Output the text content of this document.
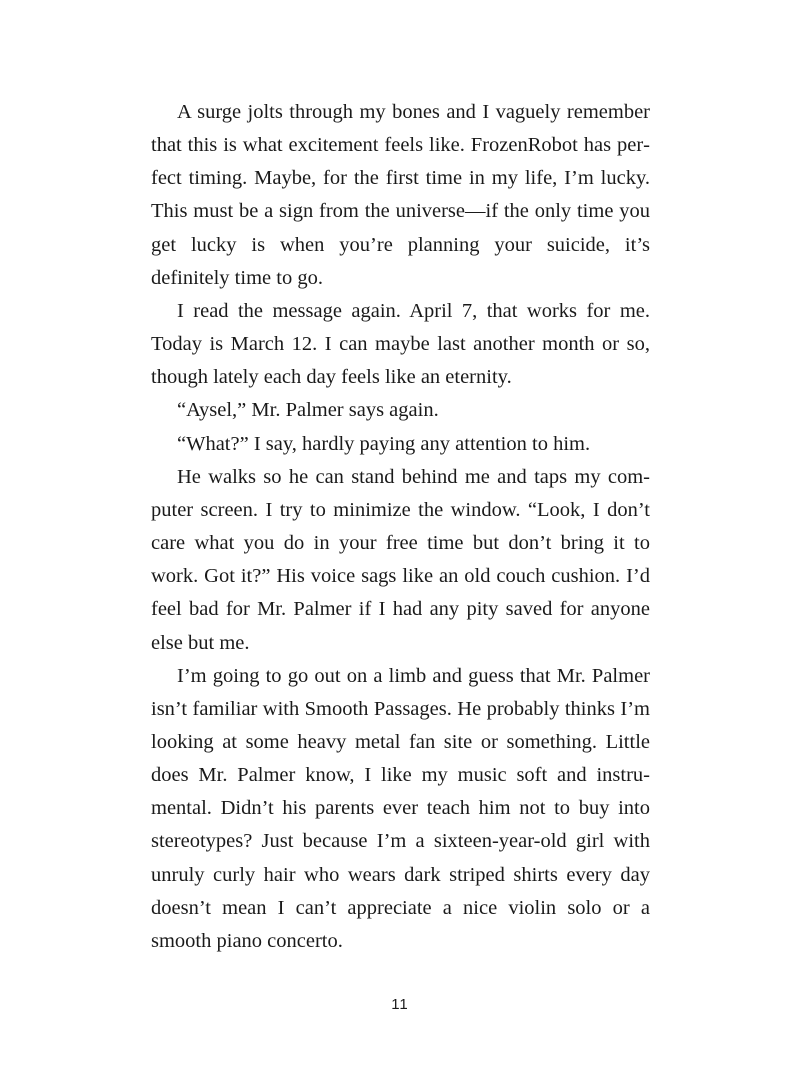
A surge jolts through my bones and I vaguely remember that this is what excitement feels like. FrozenRobot has perfect timing. Maybe, for the first time in my life, I’m lucky. This must be a sign from the universe—if the only time you get lucky is when you’re planning your suicide, it’s definitely time to go.

I read the message again. April 7, that works for me. Today is March 12. I can maybe last another month or so, though lately each day feels like an eternity.

“Aysel,” Mr. Palmer says again.

“What?” I say, hardly paying any attention to him.

He walks so he can stand behind me and taps my computer screen. I try to minimize the window. “Look, I don’t care what you do in your free time but don’t bring it to work. Got it?” His voice sags like an old couch cushion. I’d feel bad for Mr. Palmer if I had any pity saved for anyone else but me.

I’m going to go out on a limb and guess that Mr. Palmer isn’t familiar with Smooth Passages. He probably thinks I’m looking at some heavy metal fan site or something. Little does Mr. Palmer know, I like my music soft and instrumental. Didn’t his parents ever teach him not to buy into stereotypes? Just because I’m a sixteen-year-old girl with unruly curly hair who wears dark striped shirts every day doesn’t mean I can’t appreciate a nice violin solo or a smooth piano concerto.

11
